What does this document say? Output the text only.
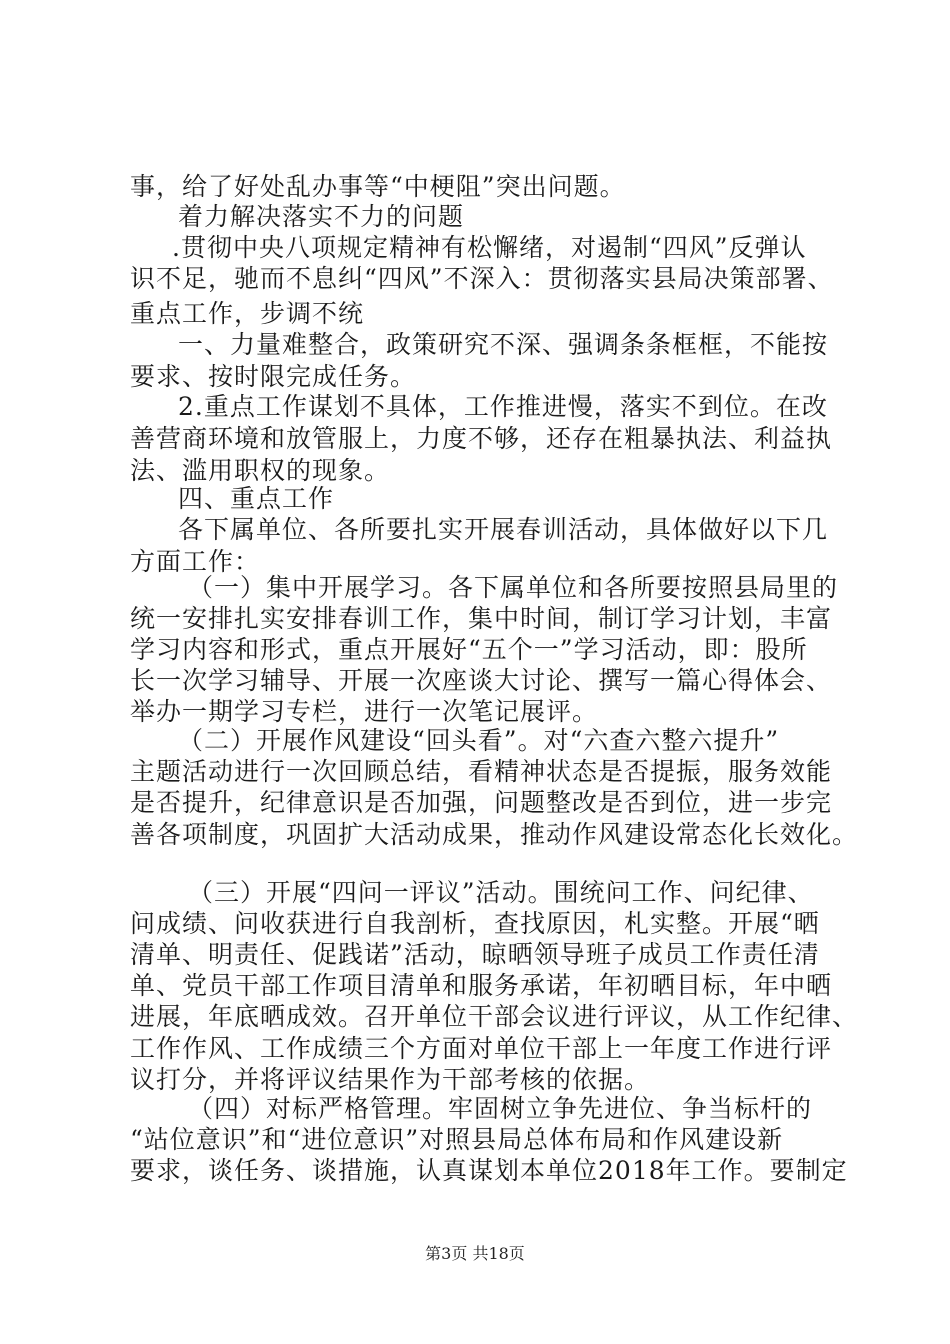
事，给了好处乱办事等“中梗阻”突出问题。
着力解决落实不力的问题
.贯彻中央八项规定精神有松懈绪，对遏制“四风”反弹认
识不足，驰而不息纠“四风”不深入：贯彻落实县局决策部署、
重点工作，步调不统
一、力量难整合，政策研究不深、强调条条框框，不能按
要求、按时限完成任务。
2.重点工作谋划不具体，工作推进慢，落实不到位。在改
善营商环境和放管服上，力度不够，还存在粗暴执法、利益执
法、滥用职权的现象。
四、重点工作
各下属单位、各所要扎实开展春训活动，具体做好以下几
方面工作：
（一）集中开展学习。各下属单位和各所要按照县局里的
统一安排扎实安排春训工作，集中时间，制订学习计划，丰富
学习内容和形式，重点开展好“五个一”学习活动，即：股所
长一次学习辅导、开展一次座谈大讨论、撰写一篇心得体会、
举办一期学习专栏，进行一次笔记展评。
（二）开展作风建设“回头看”。对“六查六整六提升”
主题活动进行一次回顾总结，看精神状态是否提振，服务效能
是否提升，纪律意识是否加强，问题整改是否到位，进一步完
善各项制度，巩固扩大活动成果，推动作风建设常态化长效化。
（三）开展“四问一评议”活动。围统问工作、问纪律、
问成绩、问收获进行自我剖析，查找原因，札实整。开展“晒
清单、明责任、促践诺”活动，晾晒领导班子成员工作责任清
单、党员干部工作项目清单和服务承诺，年初晒目标，年中晒
进展，年底晒成效。召开单位干部会议进行评议，从工作纪律、
工作作风、工作成绩三个方面对单位干部上一年度工作进行评
议打分，并将评议结果作为干部考核的依据。
（四）对标严格管理。牢固树立争先进位、争当标杆的
“站位意识”和“进位意识”对照县局总体布局和作风建设新
要求，谈任务、谈措施，认真谋划本单位2018年工作。要制定
第3页 共18页
